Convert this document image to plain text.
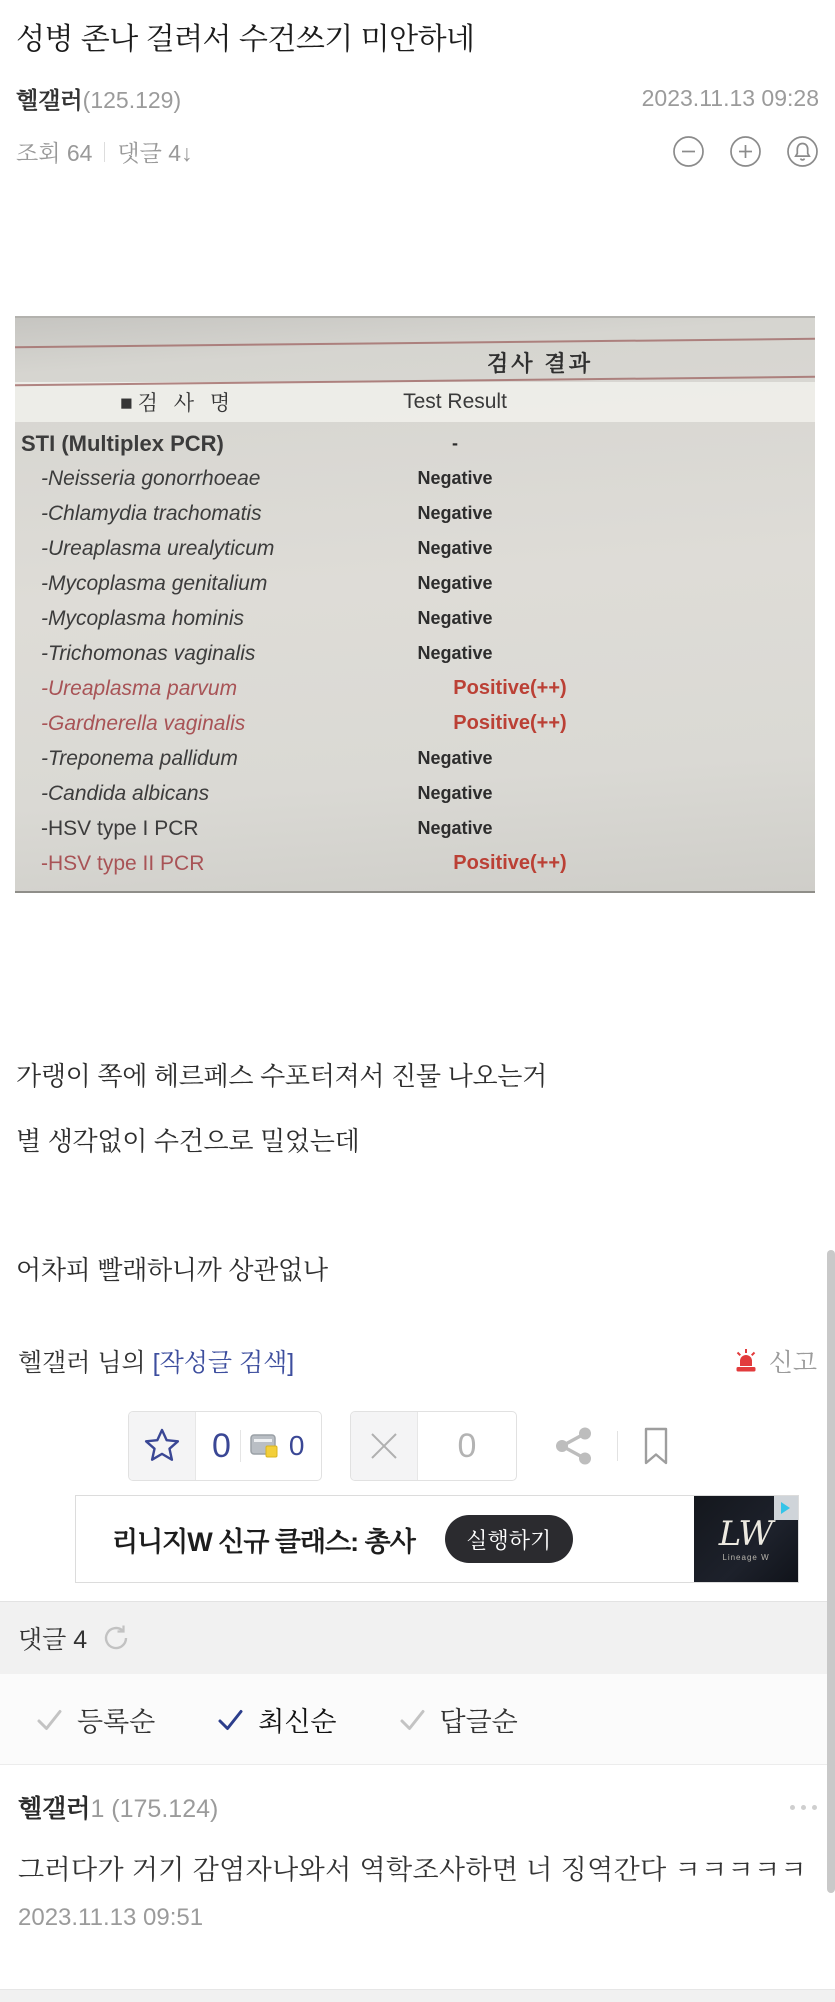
성병 존나 걸려서 수건쓰기 미안하네
헬갤러(125.129)	2023.11.13 09:28
조회 64 댓글 4↓
검사 결과
■검 사 명	Test Result
STI (Multiplex PCR)	-
-Neisseria gonorrhoeae	Negative
-Chlamydia trachomatis	Negative
-Ureaplasma urealyticum	Negative
-Mycoplasma genitalium	Negative
-Mycoplasma hominis	Negative
-Trichomonas vaginalis	Negative
-Ureaplasma parvum	Positive(++)
-Gardnerella vaginalis	Positive(++)
-Treponema pallidum	Negative
-Candida albicans	Negative
-HSV type I PCR	Negative
-HSV type II PCR	Positive(++)

가랭이 쪽에 헤르페스 수포터져서 진물 나오는거

별 생각없이 수건으로 밀었는데

어차피 빨래하니까 상관없나

헬갤러 님의 [작성글 검색]	신고
0 0	0
리니지W 신규 클래스: 총사	실행하기	LW
Lineage W
댓글 4
등록순	최신순	답글순
헬갤러1 (175.124)
그러다가 거기 감염자나와서 역학조사하면 너 징역간다 ㅋㅋㅋㅋㅋ
2023.11.13 09:51
